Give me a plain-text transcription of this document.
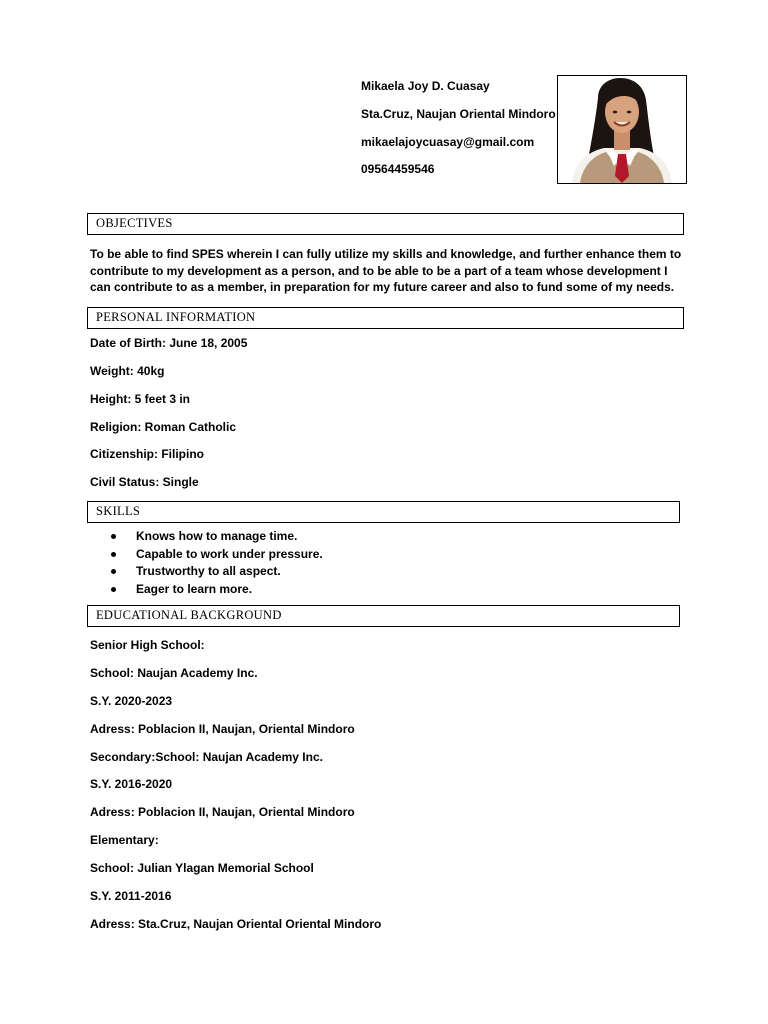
Mikaela Joy D. Cuasay
Sta.Cruz, Naujan Oriental Mindoro
mikaelajoycuasay@gmail.com
09564459546
OBJECTIVES
To be able to find SPES wherein I can fully utilize my skills and knowledge, and further enhance them to contribute to my development as a person, and to be able to be a part of a team whose development I can contribute to as a member, in preparation for my future career and also to fund some of my needs.
PERSONAL INFORMATION
Date of Birth: June 18, 2005
Weight: 40kg
Height: 5 feet 3 in
Religion: Roman Catholic
Citizenship: Filipino
Civil Status: Single
SKILLS
Knows how to manage time.
Capable to work under pressure.
Trustworthy to all aspect.
Eager to learn more.
EDUCATIONAL BACKGROUND
Senior High School:
School: Naujan Academy Inc.
S.Y. 2020-2023
Adress: Poblacion II, Naujan, Oriental Mindoro
Secondary:School: Naujan Academy Inc.
S.Y. 2016-2020
Adress: Poblacion II, Naujan, Oriental Mindoro
Elementary:
School: Julian Ylagan Memorial School
S.Y. 2011-2016
Adress: Sta.Cruz, Naujan Oriental Oriental Mindoro
